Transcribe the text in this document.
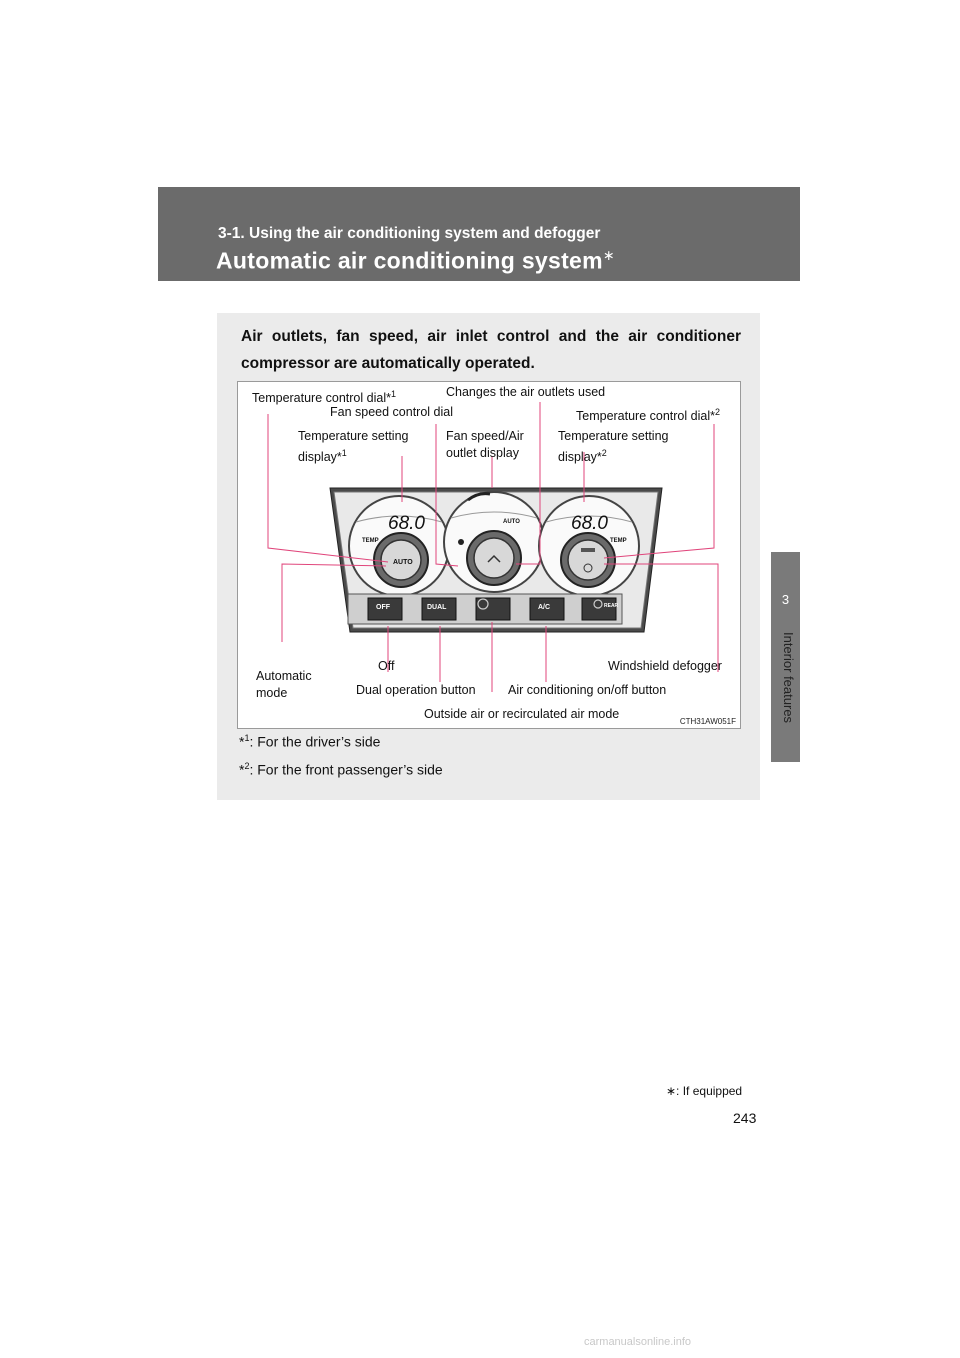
3-1. Using the air conditioning system and defogger
Automatic air conditioning system∗
3
Interior features
Air outlets, fan speed, air inlet control and the air conditioner compressor are automatically operated.
68.0	68.0
TEMP	TEMP
AUTO
AUTO
OFF	DUAL	A/C	REAR
Temperature control dial*$^1$	Changes the air outlets used
Fan speed control dial	Temperature control dial*$^2$
Temperature setting
display*$^1$
Fan speed/Air
outlet display
Temperature setting
display*$^2$
Automatic
mode
Off	Windshield defogger
Dual operation button	Air conditioning on/off button
Outside air or recirculated air mode
CTH31AW051F
*$^1$: For the driver’s side
*$^2$: For the front passenger’s side
∗: If equipped
243
carmanualsonline.info
